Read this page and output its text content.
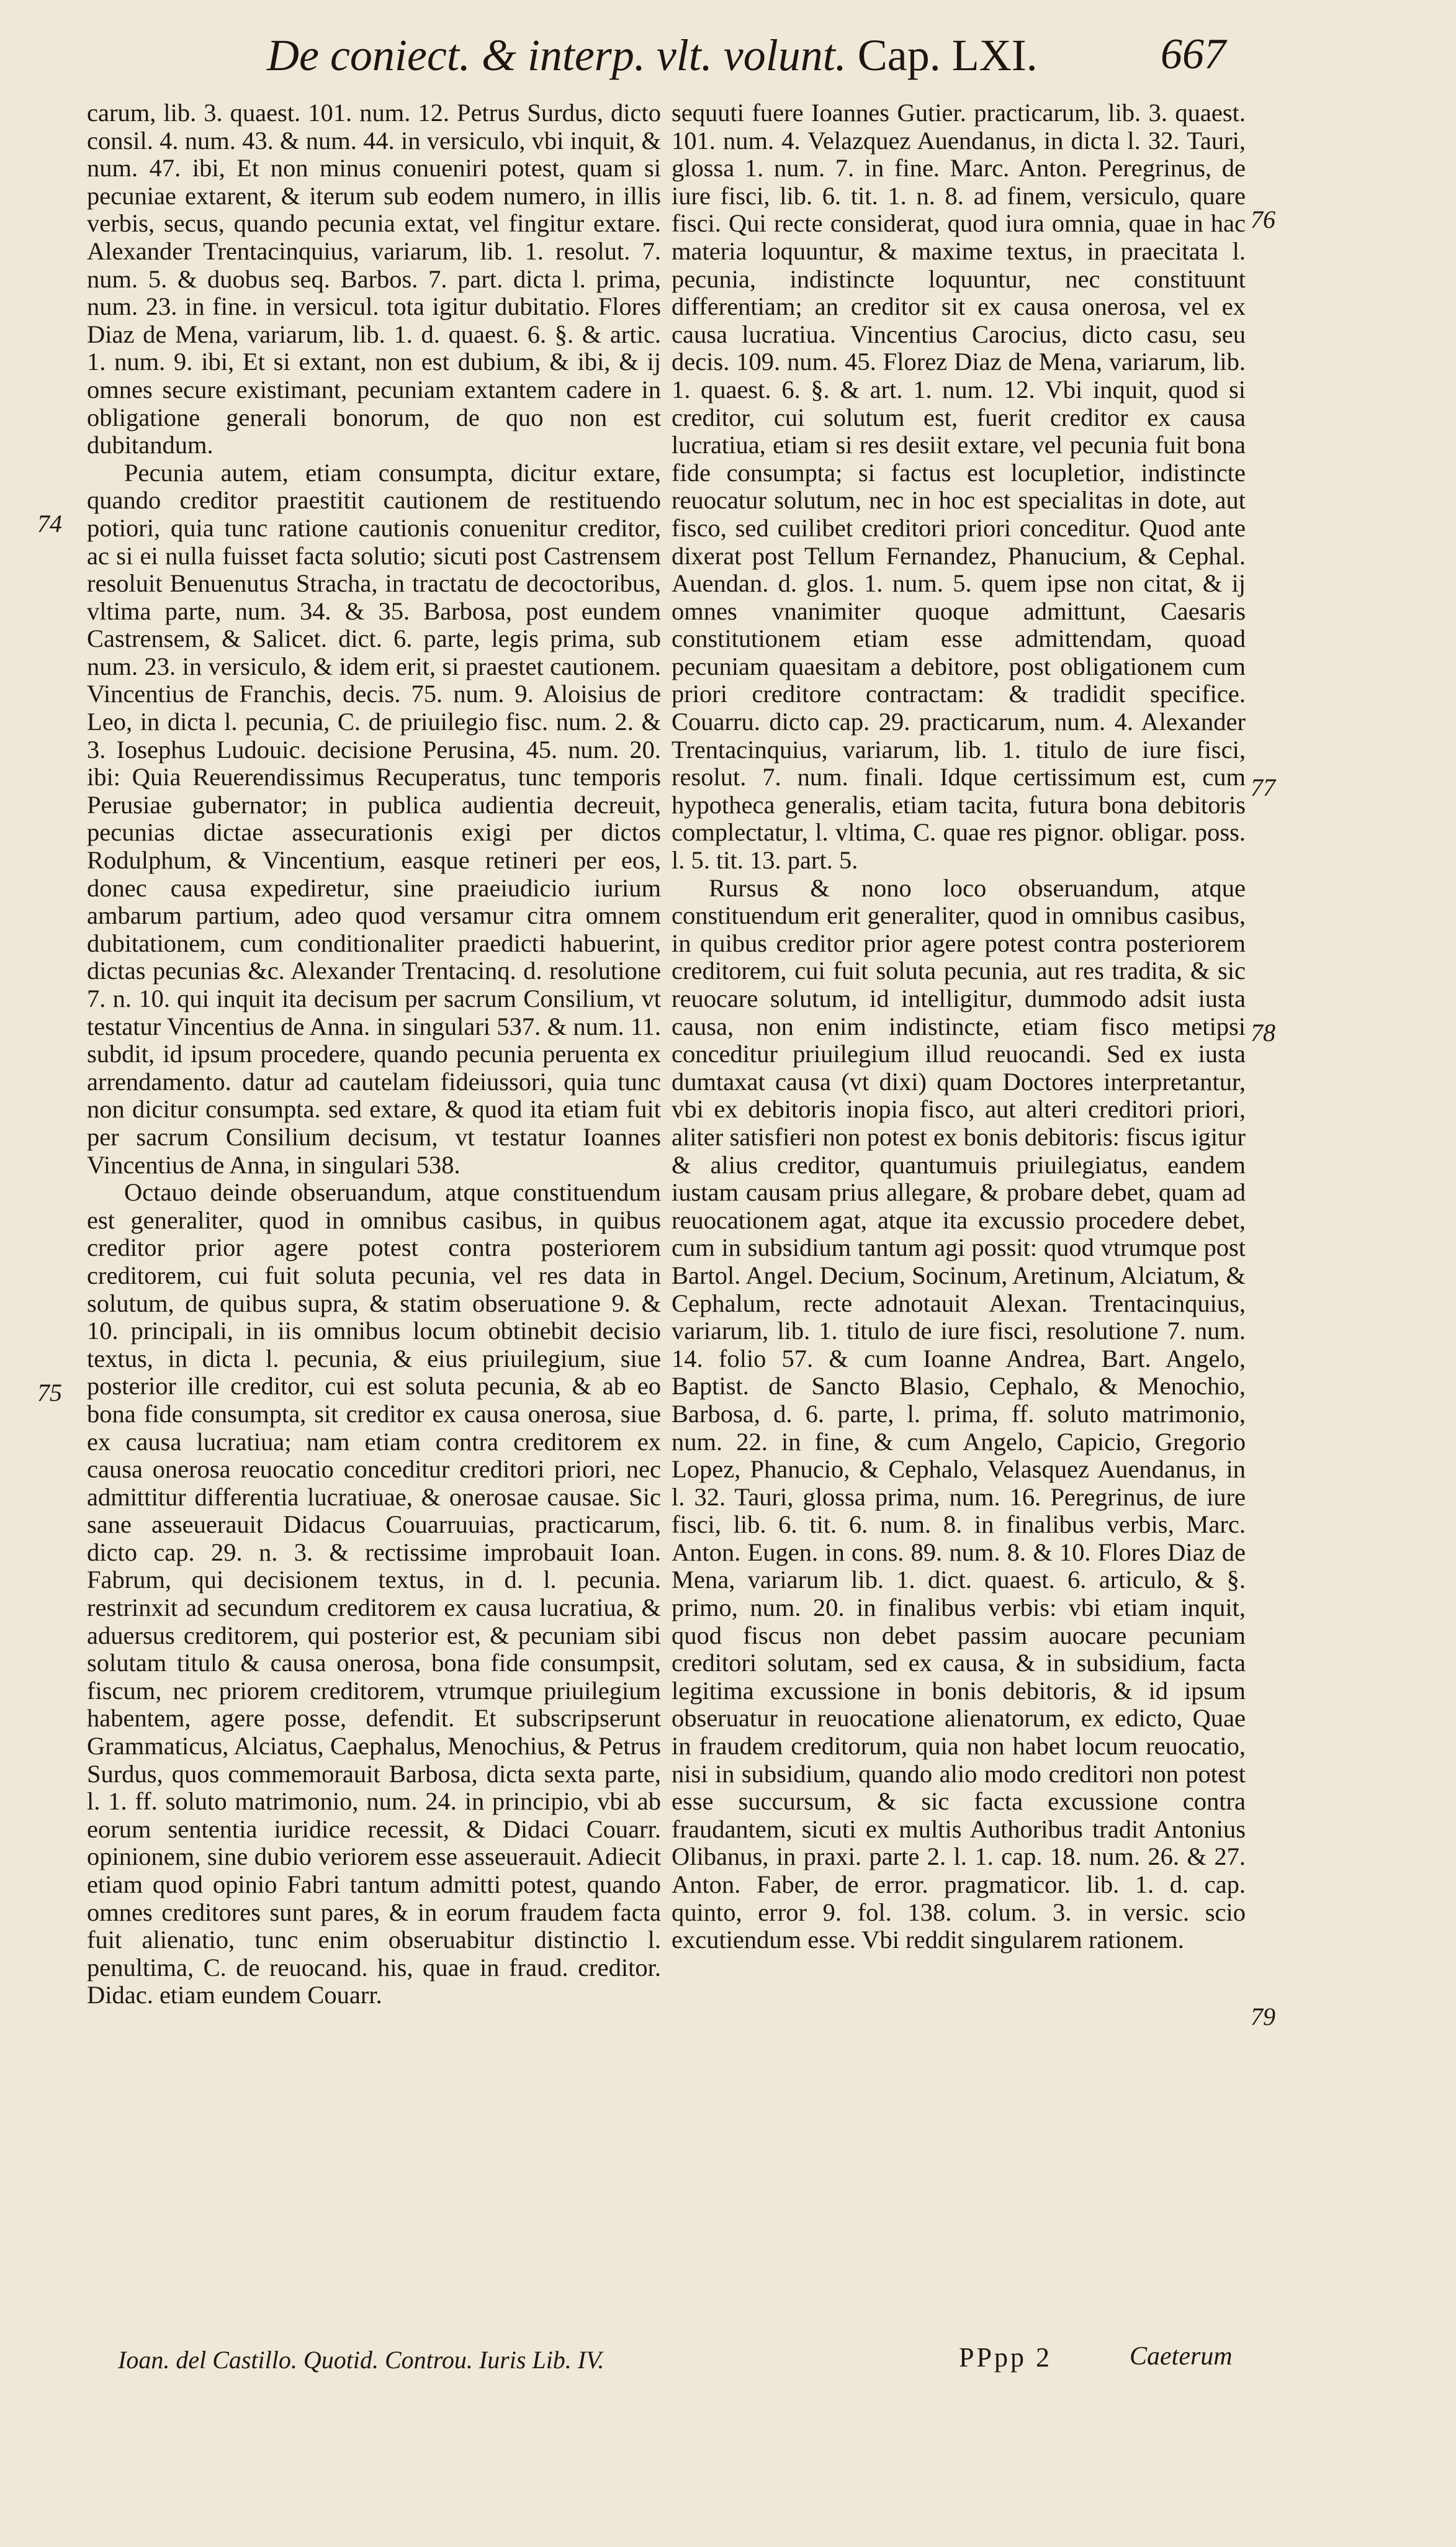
De coniect. & interp. vlt. volunt. Cap. LXI.	667

carum, lib. 3. quaest. 101. num. 12. Petrus Surdus, dicto consil. 4. num. 43. & num. 44. in versiculo, vbi inquit, & num. 47. ibi, Et non minus conueniri potest, quam si pecuniae extarent, & iterum sub eodem numero, in illis verbis, secus, quando pecunia extat, vel fingitur extare. Alexander Trentacinquius, variarum, lib. 1. resolut. 7. num. 5. & duobus seq. Barbos. 7. part. dicta l. prima, num. 23. in fine. in versicul. tota igitur dubitatio. Flores Diaz de Mena, variarum, lib. 1. d. quaest. 6. §. & artic. 1. num. 9. ibi, Et si extant, non est dubium, & ibi, & ij omnes secure existimant, pecuniam extantem cadere in obligatione generali bonorum, de quo non est dubitandum.

Pecunia autem, etiam consumpta, dicitur extare, quando creditor praestitit cautionem de restituendo potiori, quia tunc ratione cautionis conuenitur creditor, ac si ei nulla fuisset facta solutio; sicuti post Castrensem resoluit Benuenutus Stracha, in tractatu de decoctoribus, vltima parte, num. 34. & 35. Barbosa, post eundem Castrensem, & Salicet. dict. 6. parte, legis prima, sub num. 23. in versiculo, & idem erit, si praestet cautionem. Vincentius de Franchis, decis. 75. num. 9. Aloisius de Leo, in dicta l. pecunia, C. de priuilegio fisc. num. 2. & 3. Iosephus Ludouic. decisione Perusina, 45. num. 20. ibi: Quia Reuerendissimus Recuperatus, tunc temporis Perusiae gubernator; in publica audientia decreuit, pecunias dictae assecurationis exigi per dictos Rodulphum, & Vincentium, easque retineri per eos, donec causa expediretur, sine praeiudicio iurium ambarum partium, adeo quod versamur citra omnem dubitationem, cum conditionaliter praedicti habuerint, dictas pecunias &c. Alexander Trentacinq. d. resolutione 7. n. 10. qui inquit ita decisum per sacrum Consilium, vt testatur Vincentius de Anna. in singulari 537. & num. 11. subdit, id ipsum procedere, quando pecunia peruenta ex arrendamento. datur ad cautelam fideiussori, quia tunc non dicitur consumpta. sed extare, & quod ita etiam fuit per sacrum Consilium decisum, vt testatur Ioannes Vincentius de Anna, in singulari 538.

Octauo deinde obseruandum, atque constituendum est generaliter, quod in omnibus casibus, in quibus creditor prior agere potest contra posteriorem creditorem, cui fuit soluta pecunia, vel res data in solutum, de quibus supra, & statim obseruatione 9. & 10. principali, in iis omnibus locum obtinebit decisio textus, in dicta l. pecunia, & eius priuilegium, siue posterior ille creditor, cui est soluta pecunia, & ab eo bona fide consumpta, sit creditor ex causa onerosa, siue ex causa lucratiua; nam etiam contra creditorem ex causa onerosa reuocatio conceditur creditori priori, nec admittitur differentia lucratiuae, & onerosae causae. Sic sane asseuerauit Didacus Couarruuias, practicarum, dicto cap. 29. n. 3. & rectissime improbauit Ioan. Fabrum, qui decisionem textus, in d. l. pecunia. restrinxit ad secundum creditorem ex causa lucratiua, & aduersus creditorem, qui posterior est, & pecuniam sibi solutam titulo & causa onerosa, bona fide consumpsit, fiscum, nec priorem creditorem, vtrumque priuilegium habentem, agere posse, defendit. Et subscripserunt Grammaticus, Alciatus, Caephalus, Menochius, & Petrus Surdus, quos commemorauit Barbosa, dicta sexta parte, l. 1. ff. soluto matrimonio, num. 24. in principio, vbi ab eorum sententia iuridice recessit, & Didaci Couarr. opinionem, sine dubio veriorem esse asseuerauit. Adiecit etiam quod opinio Fabri tantum admitti potest, quando omnes creditores sunt pares, & in eorum fraudem facta fuit alienatio, tunc enim obseruabitur distinctio l. penultima, C. de reuocand. his, quae in fraud. creditor. Didac. etiam eundem Couarr.

sequuti fuere Ioannes Gutier. practicarum, lib. 3. quaest. 101. num. 4. Velazquez Auendanus, in dicta l. 32. Tauri, glossa 1. num. 7. in fine. Marc. Anton. Peregrinus, de iure fisci, lib. 6. tit. 1. n. 8. ad finem, versiculo, quare fisci. Qui recte considerat, quod iura omnia, quae in hac materia loquuntur, & maxime textus, in praecitata l. pecunia, indistincte loquuntur, nec constituunt differentiam; an creditor sit ex causa onerosa, vel ex causa lucratiua. Vincentius Carocius, dicto casu, seu decis. 109. num. 45. Florez Diaz de Mena, variarum, lib. 1. quaest. 6. §. & art. 1. num. 12. Vbi inquit, quod si creditor, cui solutum est, fuerit creditor ex causa lucratiua, etiam si res desiit extare, vel pecunia fuit bona fide consumpta; si factus est locupletior, indistincte reuocatur solutum, nec in hoc est specialitas in dote, aut fisco, sed cuilibet creditori priori conceditur. Quod ante dixerat post Tellum Fernandez, Phanucium, & Cephal. Auendan. d. glos. 1. num. 5. quem ipse non citat, & ij omnes vnanimiter quoque admittunt, Caesaris constitutionem etiam esse admittendam, quoad pecuniam quaesitam a debitore, post obligationem cum priori creditore contractam: & tradidit specifice. Couarru. dicto cap. 29. practicarum, num. 4. Alexander Trentacinquius, variarum, lib. 1. titulo de iure fisci, resolut. 7. num. finali. Idque certissimum est, cum hypotheca generalis, etiam tacita, futura bona debitoris complectatur, l. vltima, C. quae res pignor. obligar. poss. l. 5. tit. 13. part. 5.

Rursus & nono loco obseruandum, atque constituendum erit generaliter, quod in omnibus casibus, in quibus creditor prior agere potest contra posteriorem creditorem, cui fuit soluta pecunia, aut res tradita, & sic reuocare solutum, id intelligitur, dummodo adsit iusta causa, non enim indistincte, etiam fisco metipsi conceditur priuilegium illud reuocandi. Sed ex iusta dumtaxat causa (vt dixi) quam Doctores interpretantur, vbi ex debitoris inopia fisco, aut alteri creditori priori, aliter satisfieri non potest ex bonis debitoris: fiscus igitur & alius creditor, quantumuis priuilegiatus, eandem iustam causam prius allegare, & probare debet, quam ad reuocationem agat, atque ita excussio procedere debet, cum in subsidium tantum agi possit: quod vtrumque post Bartol. Angel. Decium, Socinum, Aretinum, Alciatum, & Cephalum, recte adnotauit Alexan. Trentacinquius, variarum, lib. 1. titulo de iure fisci, resolutione 7. num. 14. folio 57. & cum Ioanne Andrea, Bart. Angelo, Baptist. de Sancto Blasio, Cephalo, & Menochio, Barbosa, d. 6. parte, l. prima, ff. soluto matrimonio, num. 22. in fine, & cum Angelo, Capicio, Gregorio Lopez, Phanucio, & Cephalo, Velasquez Auendanus, in l. 32. Tauri, glossa prima, num. 16. Peregrinus, de iure fisci, lib. 6. tit. 6. num. 8. in finalibus verbis, Marc. Anton. Eugen. in cons. 89. num. 8. & 10. Flores Diaz de Mena, variarum lib. 1. dict. quaest. 6. articulo, & §. primo, num. 20. in finalibus verbis: vbi etiam inquit, quod fiscus non debet passim auocare pecuniam creditori solutam, sed ex causa, & in subsidium, facta legitima excussione in bonis debitoris, & id ipsum obseruatur in reuocatione alienatorum, ex edicto, Quae in fraudem creditorum, quia non habet locum reuocatio, nisi in subsidium, quando alio modo creditori non potest esse succursum, & sic facta excussione contra fraudantem, sicuti ex multis Authoribus tradit Antonius Olibanus, in praxi. parte 2. l. 1. cap. 18. num. 26. & 27. Anton. Faber, de error. pragmaticor. lib. 1. d. cap. quinto, error 9. fol. 138. colum. 3. in versic. scio excutiendum esse. Vbi reddit singularem rationem.

74
75
76
77
78
79
Ioan. del Castillo. Quotid. Controu. Iuris Lib. IV.	PPpp 2	Caeterum
